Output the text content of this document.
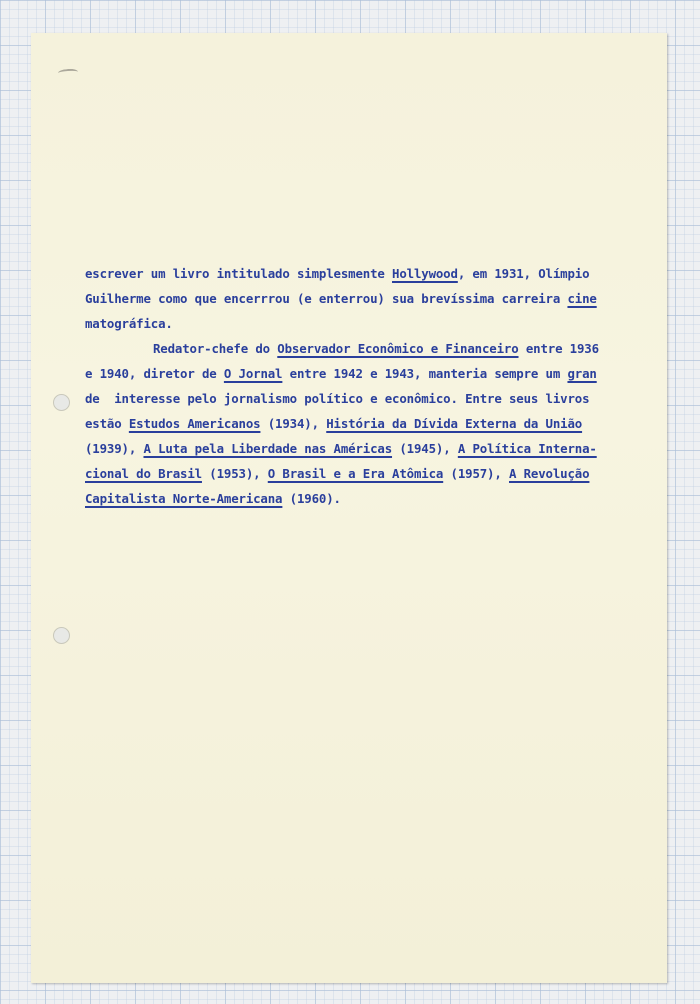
escrever um livro intitulado simplesmente Hollywood, em 1931, Olímpio
Guilherme como que encerrrou (e enterrou) sua brevíssima carreira cine
matográfica.
Redator-chefe do Observador Econômico e Financeiro entre 1936
e 1940, diretor de O Jornal entre 1942 e 1943, manteria sempre um gran
de  interesse pelo jornalismo político e econômico. Entre seus livros
estão Estudos Americanos (1934), História da Dívida Externa da União
(1939), A Luta pela Liberdade nas Américas (1945), A Política Interna-
cional do Brasil (1953), O Brasil e a Era Atômica (1957), A Revolução
Capitalista Norte-Americana (1960).
